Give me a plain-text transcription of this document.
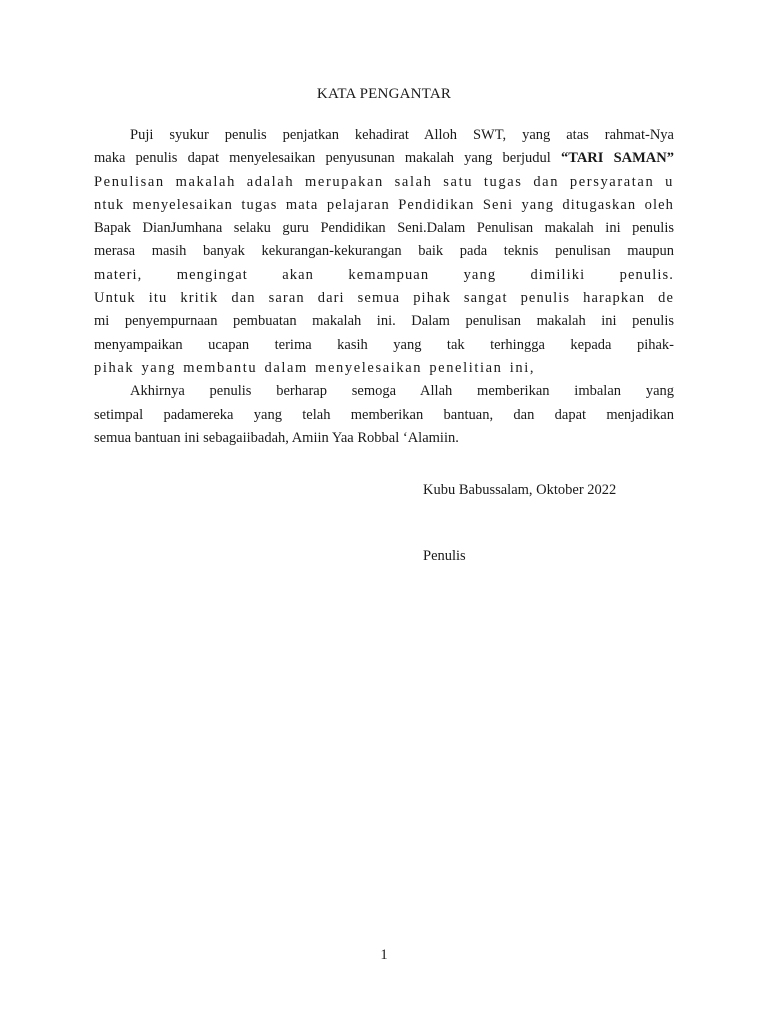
KATA PENGANTAR
Puji syukur penulis penjatkan kehadirat Alloh SWT, yang atas rahmat-Nya
maka penulis dapat menyelesaikan penyusunan makalah yang berjudul “TARI SAMAN”
Penulisan makalah adalah merupakan salah satu tugas dan persyaratan u
ntuk menyelesaikan tugas mata pelajaran Pendidikan Seni yang ditugaskan oleh
Bapak DianJumhana selaku guru Pendidikan Seni.Dalam Penulisan makalah ini penulis
merasa masih banyak kekurangan-kekurangan baik pada teknis penulisan maupun
materi, mengingat akan kemampuan yang dimiliki penulis.
Untuk itu kritik dan saran dari semua pihak sangat penulis harapkan de
mi penyempurnaan pembuatan makalah ini. Dalam penulisan makalah ini penulis
menyampaikan ucapan terima kasih yang tak terhingga kepada pihak-
pihak yang membantu dalam menyelesaikan penelitian ini,
Akhirnya penulis berharap semoga Allah memberikan imbalan yang
setimpal padamereka yang telah memberikan bantuan, dan dapat menjadikan
semua bantuan ini sebagaiibadah, Amiin Yaa Robbal ‘Alamiin.
Kubu Babussalam, Oktober 2022
Penulis
1
